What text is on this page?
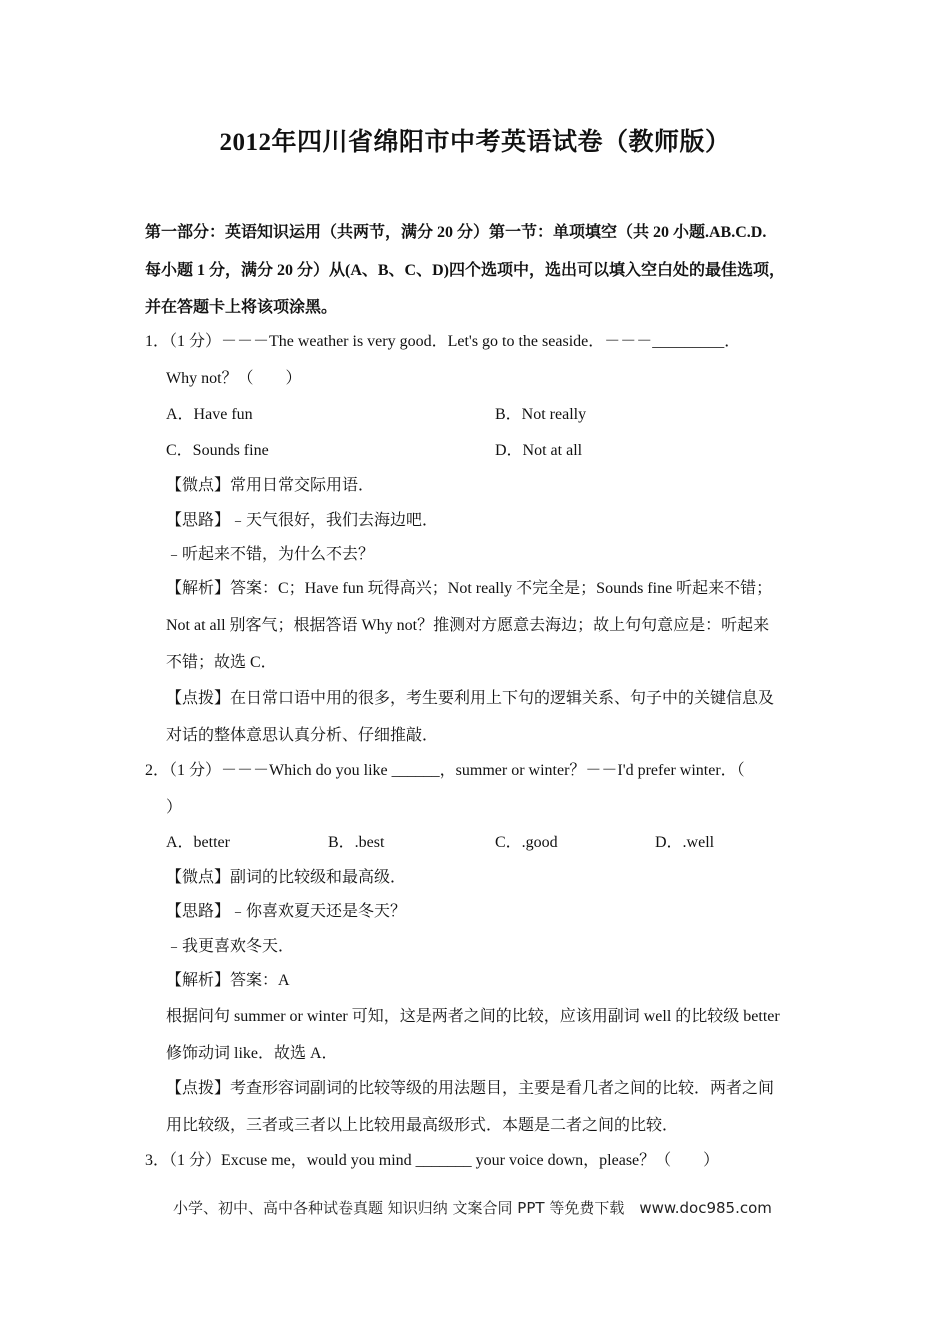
2012年四川省绵阳市中考英语试卷（教师版）
第一部分：英语知识运用（共两节，满分 20 分）第一节：单项填空（共 20 小题.AB.C.D.
每小题 1 分，满分 20 分）从(A、B、C、D)四个选项中，选出可以填入空白处的最佳选项，
并在答题卡上将该项涂黑。
1．（1 分）－－－The weather is very good．Let's go to the seaside．－－－_________．
Why not？（　　）
A．Have fun	B．Not really
C．Sounds fine	D．Not at all
【微点】常用日常交际用语．
【思路】﹣天气很好，我们去海边吧．
﹣听起来不错，为什么不去？
【解析】答案：C；Have fun 玩得高兴；Not really 不完全是；Sounds fine 听起来不错；
Not at all 别客气；根据答语 Why not？推测对方愿意去海边；故上句句意应是：听起来
不错；故选 C．
【点拨】在日常口语中用的很多，考生要利用上下句的逻辑关系、句子中的关键信息及
对话的整体意思认真分析、仔细推敲．
2．（1 分）－－－Which do you like ______，summer or winter？－－I'd prefer winter．（
）
A．better	B．.best	C．.good	D．.well
【微点】副词的比较级和最高级．
【思路】﹣你喜欢夏天还是冬天？
﹣我更喜欢冬天．
【解析】答案：A
根据问句 summer or winter 可知，这是两者之间的比较，应该用副词 well 的比较级 better
修饰动词 like．故选 A．
【点拨】考查形容词副词的比较等级的用法题目，主要是看几者之间的比较．两者之间
用比较级，三者或三者以上比较用最高级形式．本题是二者之间的比较．
3．（1 分）Excuse me，would you mind _______ your voice down，please？（　　）
小学、初中、高中各种试卷真题 知识归纳 文案合同 PPT 等免费下载　www.doc985.com
